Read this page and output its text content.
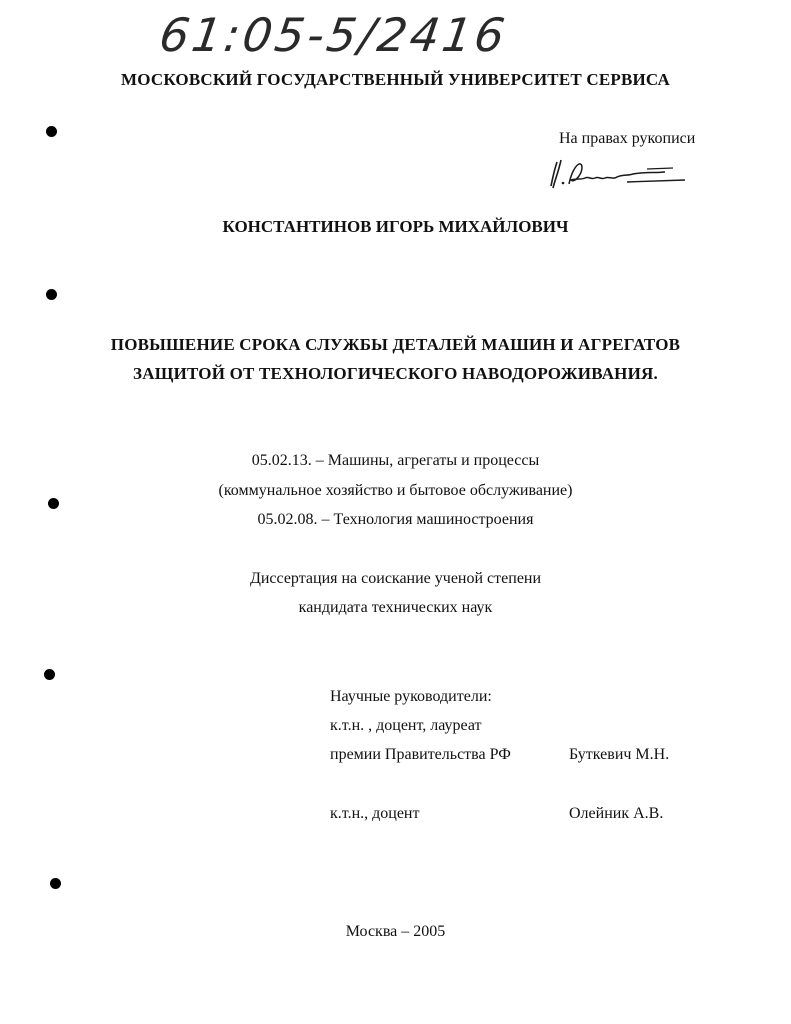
61:05-5/2416
МОСКОВСКИЙ ГОСУДАРСТВЕННЫЙ УНИВЕРСИТЕТ СЕРВИСА
На правах рукописи
КОНСТАНТИНОВ ИГОРЬ МИХАЙЛОВИЧ
ПОВЫШЕНИЕ СРОКА СЛУЖБЫ ДЕТАЛЕЙ МАШИН И АГРЕГАТОВ
ЗАЩИТОЙ ОТ ТЕХНОЛОГИЧЕСКОГО НАВОДОРОЖИВАНИЯ.
05.02.13. – Машины, агрегаты и процессы
(коммунальное хозяйство и бытовое обслуживание)
05.02.08. – Технология машиностроения
Диссертация на соискание ученой степени
кандидата технических наук
Научные руководители:
к.т.н. , доцент, лауреат
премии Правительства РФ	Буткевич М.Н.
к.т.н., доцент	Олейник А.В.
Москва – 2005
